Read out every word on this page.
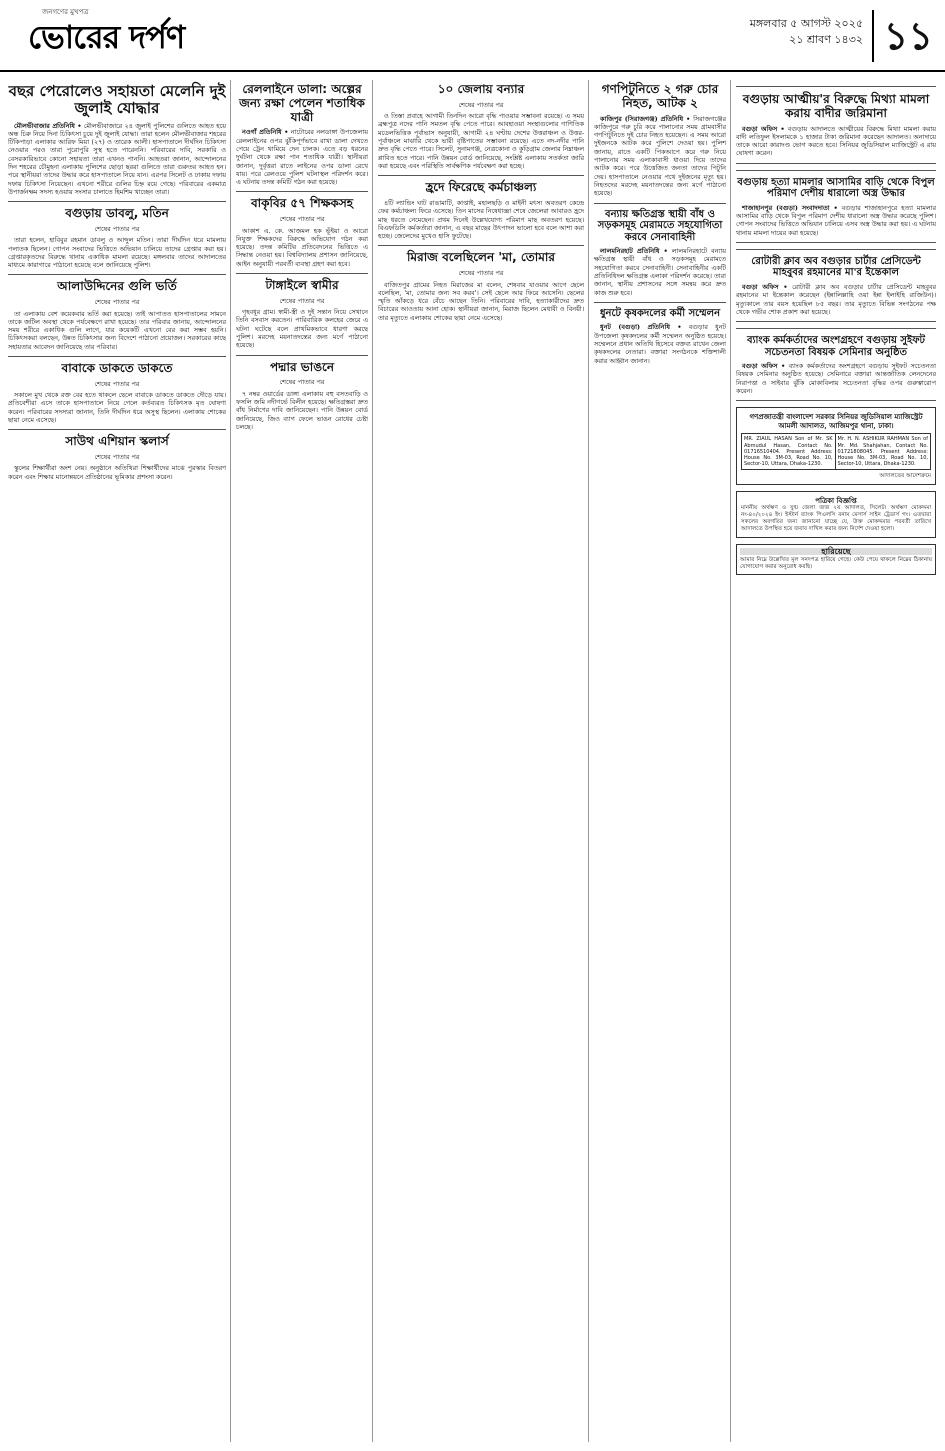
জনগণের মুখপত্র
ভোরের দর্পণ	মঙ্গলবার ৫ আগস্ট ২০২৫
২১ শ্রাবণ ১৪৩২ ১১
বছর পেরোলেও সহায়তা মেলেনি দুই জুলাই যোদ্ধার

মৌলভীবাজার প্রতিনিধি • মৌলভীবাজারে ২৪ জুলাই পুলিশের গুলিতে আহত হয়ে অন্ধ চিরু নিয়ে দিনা চিকিৎসা চুয়ে দুই জুলাই যোদ্ধা। তারা হলেন মৌলভীবাজার শহরের টিকিপাড়া এলাকার আরিফ মিয়া (২৭) ও তারেক আলী। হাসপাতালে দীর্ঘদিন চিকিৎসা নেওয়ার পরও তারা পুরোপুরি সুস্থ হতে পারেননি। পরিবারের দাবি, সরকারি ও বেসরকারিভাবে কোনো সহায়তা তারা এখনও পাননি। আহতরা জানান, আন্দোলনের দিন শহরের চৌমুহনা এলাকায় পুলিশের ছোড়া ছররা গুলিতে তারা গুরুতর আহত হন। পরে স্থানীয়রা তাদের উদ্ধার করে হাসপাতালে নিয়ে যান। এরপর সিলেট ও ঢাকায় দফায় দফায় চিকিৎসা নিয়েছেন। এখনো শরীরে গুলির চিহ্ন রয়ে গেছে। পরিবারের একমাত্র উপার্জনক্ষম সদস্য হওয়ায় সংসার চালাতে হিমশিম খাচ্ছেন তারা।

বগুড়ায় ডাবলু, মতিন
শেষের পাতার পর

তারা হলেন, হাবিবুর রহমান ডাবলু ও আব্দুল মতিন। তারা দীর্ঘদিন ধরে মামলায় পলাতক ছিলেন। গোপন সংবাদের ভিত্তিতে অভিযান চালিয়ে তাদের গ্রেপ্তার করা হয়। গ্রেপ্তারকৃতদের বিরুদ্ধে থানায় একাধিক মামলা রয়েছে। মঙ্গলবার তাদের আদালতের মাধ্যমে কারাগারে পাঠানো হয়েছে বলে জানিয়েছে পুলিশ।

আলাউদ্দিনের গুলি ভর্তি
শেষের পাতার পর

তা এলাকায় বেশ কয়েকবার ভর্তি করা হয়েছে। তাই আপাতত হাসপাতালের সামনে তাকে জটিল অবস্থা থেকে পর্যবেক্ষণে রাখা হয়েছে। তার পরিবার জানায়, আন্দোলনের সময় শরীরে একাধিক গুলি লাগে, যার কয়েকটি এখনো বের করা সম্ভব হয়নি। চিকিৎসকরা বলছেন, উন্নত চিকিৎসার জন্য বিদেশে পাঠানো প্রয়োজন। সরকারের কাছে সহায়তার আবেদন জানিয়েছে তার পরিবার।

বাবাকে ডাকতে ডাকতে
শেষের পাতার পর

সকালে মুখ থেকে রক্ত বের হতে থাকলে ছেলে বাবাকে ডাকতে ডাকতে দৌড়ে যায়। প্রতিবেশীরা এসে তাকে হাসপাতালে নিয়ে গেলে কর্তব্যরত চিকিৎসক মৃত ঘোষণা করেন। পরিবারের সদস্যরা জানান, তিনি দীর্ঘদিন ধরে অসুস্থ ছিলেন। এলাকায় শোকের ছায়া নেমে এসেছে।

সাউথ এশিয়ান স্কলার্স
শেষের পাতার পর

স্কুলের শিক্ষার্থীরা অংশ নেয়। অনুষ্ঠানে অতিথিরা শিক্ষার্থীদের মাঝে পুরস্কার বিতরণ করেন এবং শিক্ষার মানোন্নয়নে প্রতিষ্ঠানের ভূমিকার প্রশংসা করেন।

রেললাইনে ডালা: অল্পের জন্য রক্ষা পেলেন শতাধিক যাত্রী

নওগাঁ প্রতিনিধি • নাটোরের নলডাঙ্গা উপজেলায় রেললাইনের ওপর ঝুঁকিপূর্ণভাবে রাখা ডালা দেখতে পেয়ে ট্রেন থামিয়ে দেন চালক। এতে বড় ধরনের দুর্ঘটনা থেকে রক্ষা পান শতাধিক যাত্রী। স্থানীয়রা জানান, দুর্বৃত্তরা রাতে লাইনের ওপর ডালা রেখে যায়। পরে রেলওয়ে পুলিশ ঘটনাস্থল পরিদর্শন করে। এ ঘটনায় তদন্ত কমিটি গঠন করা হয়েছে।

বাকৃবির ৫৭ শিক্ষকসহ
শেষের পাতার পর

আকাশ এ. কে. আজমল হক ভূঁইয়া ও আরো নিযুক্ত শিক্ষকদের বিরুদ্ধে অভিযোগ গঠন করা হয়েছে। তদন্ত কমিটির প্রতিবেদনের ভিত্তিতে এ সিদ্ধান্ত নেওয়া হয়। বিশ্ববিদ্যালয় প্রশাসন জানিয়েছে, আইন অনুযায়ী পরবর্তী ব্যবস্থা গ্রহণ করা হবে।

টাঙ্গাইলে স্বামীর
শেষের পাতার পর

গৃহবধূর গ্রাম। স্বামী-স্ত্রী ও দুই সন্তান নিয়ে সেখানে তিনি বসবাস করতেন। পারিবারিক কলহের জেরে এ ঘটনা ঘটেছে বলে প্রাথমিকভাবে ধারণা করছে পুলিশ। মরদেহ ময়নাতদন্তের জন্য মর্গে পাঠানো হয়েছে।

পদ্মার ভাঙনে
শেষের পাতার পর

৭ নম্বর ওয়ার্ডের ডাঙ্গা এলাকায় বহু বসতবাড়ি ও ফসলি জমি নদীগর্ভে বিলীন হয়েছে। ক্ষতিগ্রস্তরা দ্রুত বাঁধ নির্মাণের দাবি জানিয়েছেন। পানি উন্নয়ন বোর্ড জানিয়েছে, জিও ব্যাগ ফেলে ভাঙন রোধের চেষ্টা চলছে।

১০ জেলায় বন্যার
শেষের পাতার পর

ও তিস্তা প্রবাহে আগামী তিনদিন আরো বৃদ্ধি পাওয়ার সম্ভাবনা রয়েছে। এ সময় ব্রহ্মপুত্র নদের পানি সমতল বৃদ্ধি পেতে পারে। আবহাওয়া সংস্থাগুলোর গাণিতিক মডেলভিত্তিক পূর্বাভাস অনুযায়ী, আগামী ২৪ ঘণ্টায় দেশের উত্তরাঞ্চল ও উত্তর-পূর্বাঞ্চলে মাঝারি থেকে ভারী বৃষ্টিপাতের সম্ভাবনা রয়েছে। এতে নদ-নদীর পানি দ্রুত বৃদ্ধি পেতে পারে। সিলেট, সুনামগঞ্জ, নেত্রকোনা ও কুড়িগ্রাম জেলার নিম্নাঞ্চল প্লাবিত হতে পারে। পানি উন্নয়ন বোর্ড জানিয়েছে, সংশ্লিষ্ট এলাকায় সতর্কতা জারি করা হয়েছে এবং পরিস্থিতি সার্বক্ষণিক পর্যবেক্ষণ করা হচ্ছে।

হ্রদে ফিরেছে কর্মচাঞ্চল্য

৪টি ল্যান্ডিং ঘাট রাঙামাটি, কাপ্তাই, মহালছড়ি ও মাইনী মৎস্য অবতরণ কেন্দ্রে ফের কর্মচাঞ্চল্য ফিরে এসেছে। তিন মাসের নিষেধাজ্ঞা শেষে জেলেরা আবারও হ্রদে মাছ ধরতে নেমেছেন। প্রথম দিনেই উল্লেখযোগ্য পরিমাণ মাছ অবতরণ হয়েছে। বিএফডিসি কর্মকর্তারা জানান, এ বছর মাছের উৎপাদন ভালো হবে বলে আশা করা হচ্ছে। জেলেদের মুখেও হাসি ফুটেছে।

মিরাজ বলেছিলেন 'মা, তোমার
শেষের পাতার পর

বাজিতপুর গ্রামের নিহত মিরাজের মা বলেন, শেষবার যাওয়ার আগে ছেলে বলেছিল, 'মা, তোমার জন্য সব করব'। সেই ছেলে আর ফিরে আসেনি। ছেলের স্মৃতি আঁকড়ে ধরে বেঁচে আছেন তিনি। পরিবারের দাবি, হত্যাকারীদের দ্রুত বিচারের আওতায় আনা হোক। স্থানীয়রা জানান, মিরাজ ছিলেন মেধাবী ও বিনয়ী। তার মৃত্যুতে এলাকায় শোকের ছায়া নেমে এসেছে।

গণপিটুনিতে ২ গরু চোর নিহত, আটক ২

কাজিপুর (সিরাজগঞ্জ) প্রতিনিধি • সিরাজগঞ্জের কাজিপুরে গরু চুরি করে পালানোর সময় গ্রামবাসীর গণপিটুনিতে দুই চোর নিহত হয়েছেন। এ সময় আরো দুইজনকে আটক করে পুলিশে দেওয়া হয়। পুলিশ জানায়, রাতে একটি পিকআপে করে গরু নিয়ে পালানোর সময় এলাকাবাসী ধাওয়া দিয়ে তাদের আটক করে। পরে উত্তেজিত জনতা তাদের পিটুনি দেয়। হাসপাতালে নেওয়ার পথে দুইজনের মৃত্যু হয়। নিহতদের মরদেহ ময়নাতদন্তের জন্য মর্গে পাঠানো হয়েছে।

বন্যায় ক্ষতিগ্রস্ত স্থায়ী বাঁধ ও সড়কসমূহ মেরামতে সহযোগিতা করবে সেনাবাহিনী

লালমনিরহাট প্রতিনিধি • লালমনিরহাটে বন্যায় ক্ষতিগ্রস্ত স্থায়ী বাঁধ ও সড়কসমূহ মেরামতে সহযোগিতা করবে সেনাবাহিনী। সেনাবাহিনীর একটি প্রতিনিধিদল ক্ষতিগ্রস্ত এলাকা পরিদর্শন করেছে। তারা জানান, স্থানীয় প্রশাসনের সঙ্গে সমন্বয় করে দ্রুত কাজ শুরু হবে।

ধুনটে কৃষকদলের কর্মী সম্মেলন

ধুনট (বগুড়া) প্রতিনিধি • বগুড়ার ধুনট উপজেলা কৃষকদলের কর্মী সম্মেলন অনুষ্ঠিত হয়েছে। সম্মেলনে প্রধান অতিথি হিসেবে বক্তব্য রাখেন জেলা কৃষকদলের নেতারা। বক্তারা সংগঠনকে শক্তিশালী করার আহ্বান জানান।

বগুড়ায় আত্মীয়'র বিরুদ্ধে মিথ্যা মামলা করায় বাদীর জরিমানা

বগুড়া অফিস • বগুড়ায় আদালতে আত্মীয়ের বিরুদ্ধে মিথ্যা মামলা করায় বাদী লতিফুল ইসলামকে ১ হাজার টাকা জরিমানা করেছেন আদালত। অনাদায়ে তাকে আরো কারাদণ্ড ভোগ করতে হবে। সিনিয়র জুডিসিয়াল ম্যাজিস্ট্রেট এ রায় ঘোষণা করেন।

বগুড়ায় হত্যা মামলার আসামির বাড়ি থেকে বিপুল পরিমাণ দেশীয় ধারালো অস্ত্র উদ্ধার

শাজাহানপুর (বগুড়া) সংবাদদাতা • বগুড়ার শাজাহানপুরে হত্যা মামলার আসামির বাড়ি থেকে বিপুল পরিমাণ দেশীয় ধারালো অস্ত্র উদ্ধার করেছে পুলিশ। গোপন সংবাদের ভিত্তিতে অভিযান চালিয়ে এসব অস্ত্র উদ্ধার করা হয়। এ ঘটনায় থানায় মামলা দায়ের করা হয়েছে।

রোটারী ক্লাব অব বগুড়ার চার্টার প্রেসিডেন্ট মাহবুবর রহমানের মা'র ইন্তেকাল

বগুড়া অফিস • রোটারী ক্লাব অব বগুড়ার চার্টার প্রেসিডেন্ট মাহবুবর রহমানের মা ইন্তেকাল করেছেন (ইন্নালিল্লাহি ওয়া ইন্না ইলাইহি রাজিউন)। মৃত্যুকালে তার বয়স হয়েছিল ৮৫ বছর। তার মৃত্যুতে বিভিন্ন সংগঠনের পক্ষ থেকে গভীর শোক প্রকাশ করা হয়েছে।

ব্যাংক কর্মকর্তাদের অংশগ্রহণে বগুড়ায় সুইফট সচেতনতা বিষয়ক সেমিনার অনুষ্ঠিত

বগুড়া অফিস • ব্যাংক কর্মকর্তাদের অংশগ্রহণে বগুড়ায় সুইফট সচেতনতা বিষয়ক সেমিনার অনুষ্ঠিত হয়েছে। সেমিনারে বক্তারা আন্তর্জাতিক লেনদেনের নিরাপত্তা ও সাইবার ঝুঁকি মোকাবিলায় সচেতনতা বৃদ্ধির ওপর গুরুত্বারোপ করেন।

গণপ্রজাতন্ত্রী বাংলাদেশ সরকার সিনিয়র জুডিসিয়াল ম্যাজিস্ট্রেট আমলী আদালত, আজিমপুর থানা, ঢাকা।
MR. ZIAUL HASAN Son of Mr. SK Abmudul Hasan, Contact No. 01716510404. Present Address: House No. 3M-03, Road No. 10, Sector-10, Uttara, Dhaka-1230.	Mr. H. N. ASHIKUR RAHMAN Son of Mr. Md. Shahjahan, Contact No. 01721808045. Present Address: House No. 3M-03, Road No. 10, Sector-10, Uttara, Dhaka-1230.
আদালতের আদেশক্রমে
পত্রিকা বিজ্ঞপ্তি
মাননীয় অর্থঋণ ও যুগ্ম জেলা জজ ২য় আদালত, সিলেট। অর্থঋণ মোকদ্দমা নং-৪০/২০২৪ ইং। ইস্টার্ন ব্যাংক পিএলসি বনাম মেসার্স সাইন ট্রেডার্স গং। এতদ্বারা সকলের অবগতির জন্য জানানো যাচ্ছে যে, উক্ত মোকদ্দমার পরবর্তী তারিখে আদালতে উপস্থিত হয়ে জবাব দাখিল করার জন্য নির্দেশ দেওয়া হলো।
হারিয়েছে
আমার নিম্নে উল্লেখিত মূল সনদপত্র হারিয়ে গেছে। কেউ পেয়ে থাকলে নিম্নের ঠিকানায় যোগাযোগ করার অনুরোধ করছি।
